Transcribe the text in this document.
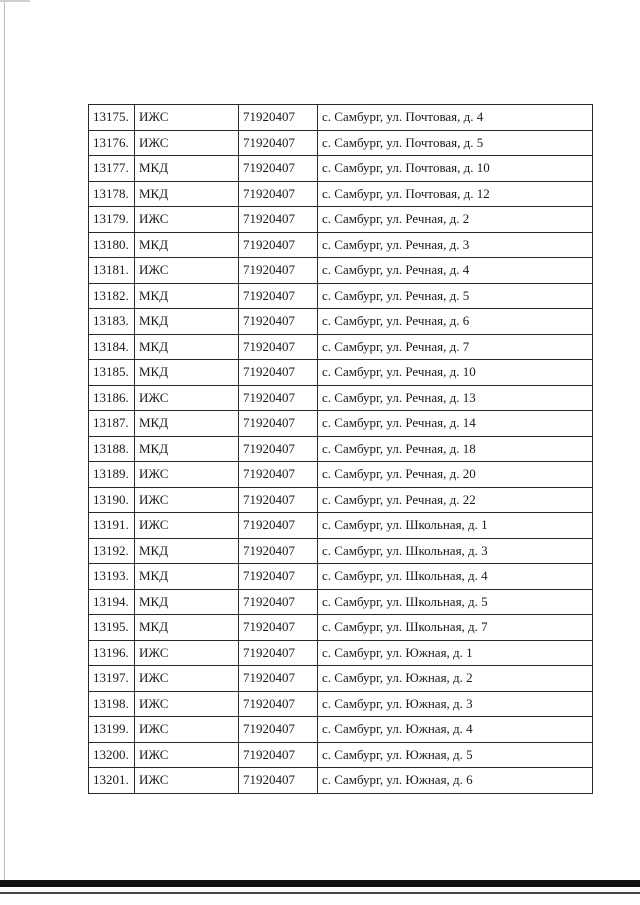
13175.	ИЖС	71920407	с. Самбург, ул. Почтовая, д. 4
13176.	ИЖС	71920407	с. Самбург, ул. Почтовая, д. 5
13177.	МКД	71920407	с. Самбург, ул. Почтовая, д. 10
13178.	МКД	71920407	с. Самбург, ул. Почтовая, д. 12
13179.	ИЖС	71920407	с. Самбург, ул. Речная, д. 2
13180.	МКД	71920407	с. Самбург, ул. Речная, д. 3
13181.	ИЖС	71920407	с. Самбург, ул. Речная, д. 4
13182.	МКД	71920407	с. Самбург, ул. Речная, д. 5
13183.	МКД	71920407	с. Самбург, ул. Речная, д. 6
13184.	МКД	71920407	с. Самбург, ул. Речная, д. 7
13185.	МКД	71920407	с. Самбург, ул. Речная, д. 10
13186.	ИЖС	71920407	с. Самбург, ул. Речная, д. 13
13187.	МКД	71920407	с. Самбург, ул. Речная, д. 14
13188.	МКД	71920407	с. Самбург, ул. Речная, д. 18
13189.	ИЖС	71920407	с. Самбург, ул. Речная, д. 20
13190.	ИЖС	71920407	с. Самбург, ул. Речная, д. 22
13191.	ИЖС	71920407	с. Самбург, ул. Школьная, д. 1
13192.	МКД	71920407	с. Самбург, ул. Школьная, д. 3
13193.	МКД	71920407	с. Самбург, ул. Школьная, д. 4
13194.	МКД	71920407	с. Самбург, ул. Школьная, д. 5
13195.	МКД	71920407	с. Самбург, ул. Школьная, д. 7
13196.	ИЖС	71920407	с. Самбург, ул. Южная, д. 1
13197.	ИЖС	71920407	с. Самбург, ул. Южная, д. 2
13198.	ИЖС	71920407	с. Самбург, ул. Южная, д. 3
13199.	ИЖС	71920407	с. Самбург, ул. Южная, д. 4
13200.	ИЖС	71920407	с. Самбург, ул. Южная, д. 5
13201.	ИЖС	71920407	с. Самбург, ул. Южная, д. 6
